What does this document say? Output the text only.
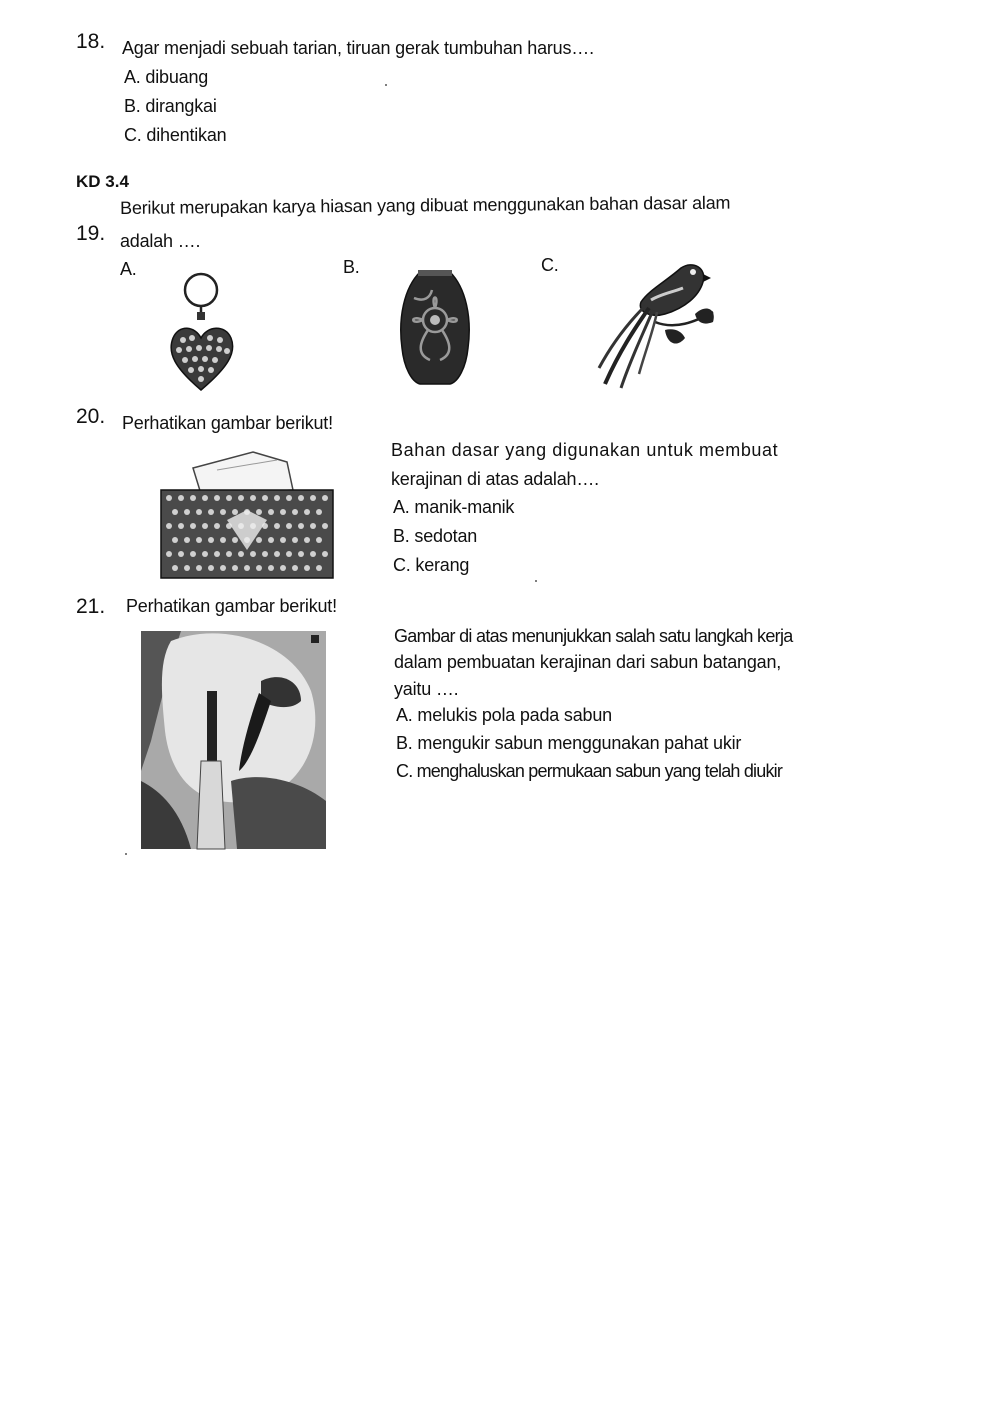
18. Agar menjadi sebuah tarian, tiruan gerak tumbuhan harus….
A. dibuang
B. dirangkai
C. dihentikan
KD 3.4
19.
Berikut merupakan karya hiasan yang dibuat menggunakan bahan dasar alam
adalah ….
A.	B.	C.
20. Perhatikan gambar berikut!
Bahan dasar yang digunakan untuk membuat
kerajinan di atas adalah….
A. manik-manik
B. sedotan
C. kerang
21. Perhatikan gambar berikut!
Gambar di atas menunjukkan salah satu langkah kerja
dalam pembuatan kerajinan dari sabun batangan,
yaitu ….
A. melukis pola pada sabun
B. mengukir sabun menggunakan pahat ukir
C. menghaluskan permukaan sabun yang telah diukir
